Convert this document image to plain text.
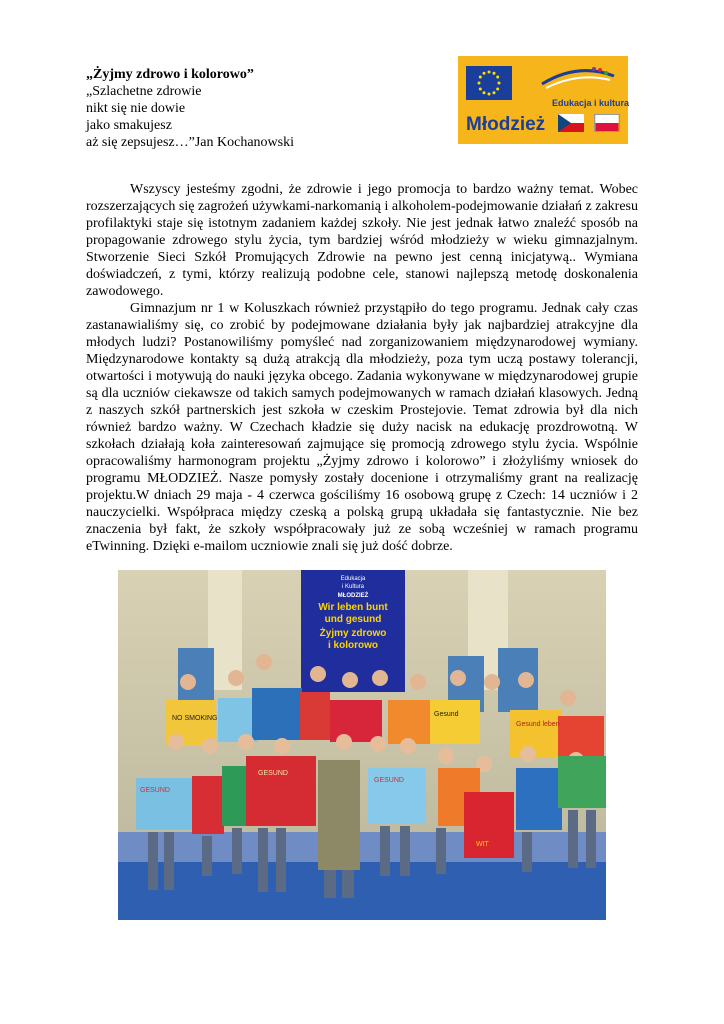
„Żyjmy zdrowo i kolorowo”
„Szlachetne zdrowie
nikt się nie dowie
jako smakujesz
aż się zepsujesz…”Jan Kochanowski
Edukacja i kultura
Młodzież

Wszyscy jesteśmy zgodni, że zdrowie i jego promocja to bardzo ważny temat. Wobec rozszerzających się zagrożeń używkami-narkomanią i alkoholem-podejmowanie działań z zakresu profilaktyki staje się istotnym zadaniem każdej szkoły. Nie jest jednak łatwo znaleźć sposób na propagowanie zdrowego stylu życia, tym bardziej wśród młodzieży w wieku gimnazjalnym. Stworzenie Sieci Szkół Promujących Zdrowie na pewno jest cenną inicjatywą.. Wymiana doświadczeń, z tymi, którzy realizują podobne cele, stanowi najlepszą metodę doskonalenia zawodowego.

Gimnazjum nr 1 w Koluszkach również przystąpiło do tego programu. Jednak cały czas zastanawialiśmy się, co zrobić by podejmowane działania były jak najbardziej atrakcyjne dla młodych ludzi? Postanowiliśmy pomyśleć nad zorganizowaniem międzynarodowej wymiany. Międzynarodowe kontakty są dużą atrakcją dla młodzieży, poza tym uczą postawy tolerancji, otwartości i motywują do nauki języka obcego. Zadania wykonywane w międzynarodowej grupie są dla uczniów ciekawsze od takich samych podejmowanych w ramach działań klasowych. Jedną z naszych szkół partnerskich jest szkoła w czeskim Prostejovie. Temat zdrowia był dla nich również bardzo ważny. W Czechach kładzie się duży nacisk na edukację prozdrowotną. W szkołach działają koła zainteresowań zajmujące się promocją zdrowego stylu życia. Wspólnie opracowaliśmy harmonogram projektu „Żyjmy zdrowo i kolorowo” i złożyliśmy wniosek do programu MŁODZIEŻ. Nasze pomysły zostały docenione i otrzymaliśmy grant na realizację projektu.W dniach 29 maja - 4 czerwca gościliśmy 16 osobową grupę z Czech: 14 uczniów i 2 nauczycielki. Współpraca między czeską a polską grupą układała się fantastycznie. Nie bez znaczenia był fakt, że szkoły współpracowały już ze sobą wcześniej w ramach programu eTwinning. Dzięki e-mailom uczniowie znali się już dość dobrze.

Edukacja
i Kultura
MŁODZIEŻ
Wir leben bunt
und gesund
Żyjmy zdrowo
i kolorowo
NO SMOKING
GESUND
Gesund
Gesund leben
GESUND
GESUND
WIT
